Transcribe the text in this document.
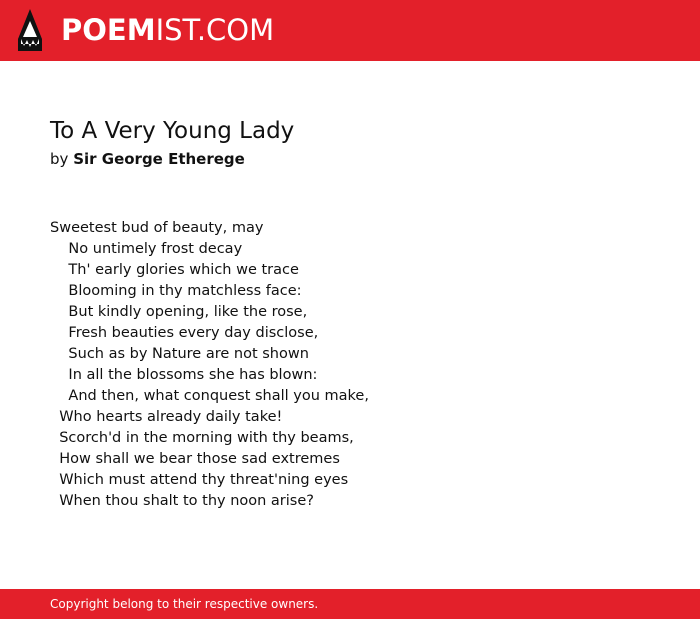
POEMIST.COM
To A Very Young Lady
by Sir George Etherege
Sweetest bud of beauty, may
No untimely frost decay
Th' early glories which we trace
Blooming in thy matchless face:
But kindly opening, like the rose,
Fresh beauties every day disclose,
Such as by Nature are not shown
In all the blossoms she has blown:
And then, what conquest shall you make,
Who hearts already daily take!
Scorch'd in the morning with thy beams,
How shall we bear those sad extremes
Which must attend thy threat'ning eyes
When thou shalt to thy noon arise?
Copyright belong to their respective owners.
